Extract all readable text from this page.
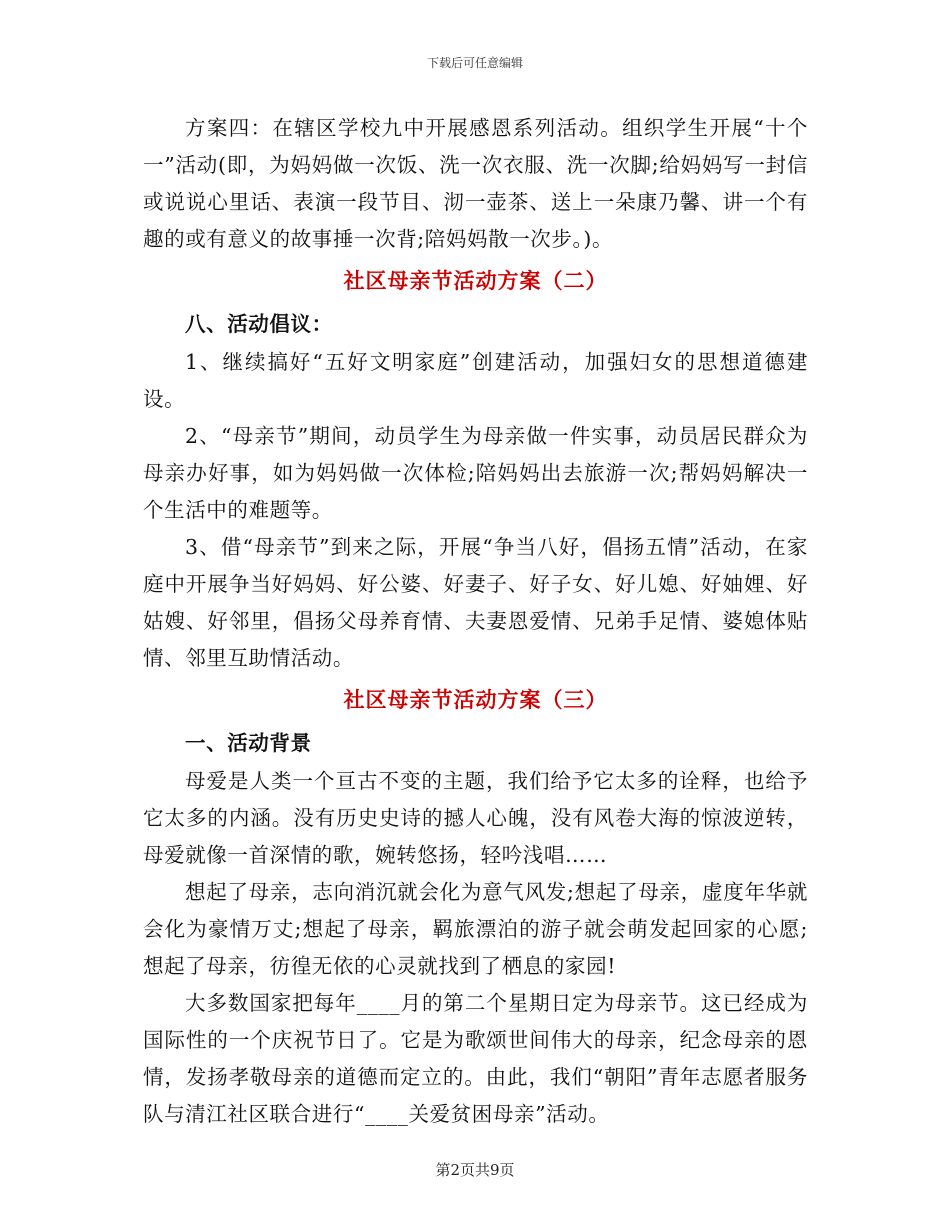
下载后可任意编辑

方案四：在辖区学校九中开展感恩系列活动。组织学生开展“十个一”活动(即，为妈妈做一次饭、洗一次衣服、洗一次脚;给妈妈写一封信或说说心里话、表演一段节目、沏一壶茶、送上一朵康乃馨、讲一个有趣的或有意义的故事捶一次背;陪妈妈散一次步。)。

社区母亲节活动方案（二）

八、活动倡议：

1、继续搞好“五好文明家庭”创建活动，加强妇女的思想道德建设。

2、“母亲节”期间，动员学生为母亲做一件实事，动员居民群众为母亲办好事，如为妈妈做一次体检;陪妈妈出去旅游一次;帮妈妈解决一个生活中的难题等。

3、借“母亲节”到来之际，开展“争当八好，倡扬五情”活动，在家庭中开展争当好妈妈、好公婆、好妻子、好子女、好儿媳、好妯娌、好姑嫂、好邻里，倡扬父母养育情、夫妻恩爱情、兄弟手足情、婆媳体贴情、邻里互助情活动。

社区母亲节活动方案（三）

一、活动背景

母爱是人类一个亘古不变的主题，我们给予它太多的诠释，也给予它太多的内涵。没有历史史诗的撼人心魄，没有风卷大海的惊波逆转，母爱就像一首深情的歌，婉转悠扬，轻吟浅唱……

想起了母亲，志向消沉就会化为意气风发;想起了母亲，虚度年华就会化为豪情万丈;想起了母亲，羁旅漂泊的游子就会萌发起回家的心愿;想起了母亲，彷徨无依的心灵就找到了栖息的家园!

大多数国家把每年____月的第二个星期日定为母亲节。这已经成为国际性的一个庆祝节日了。它是为歌颂世间伟大的母亲，纪念母亲的恩情，发扬孝敬母亲的道德而定立的。由此，我们“朝阳”青年志愿者服务队与清江社区联合进行“____关爱贫困母亲”活动。

第2页共9页
